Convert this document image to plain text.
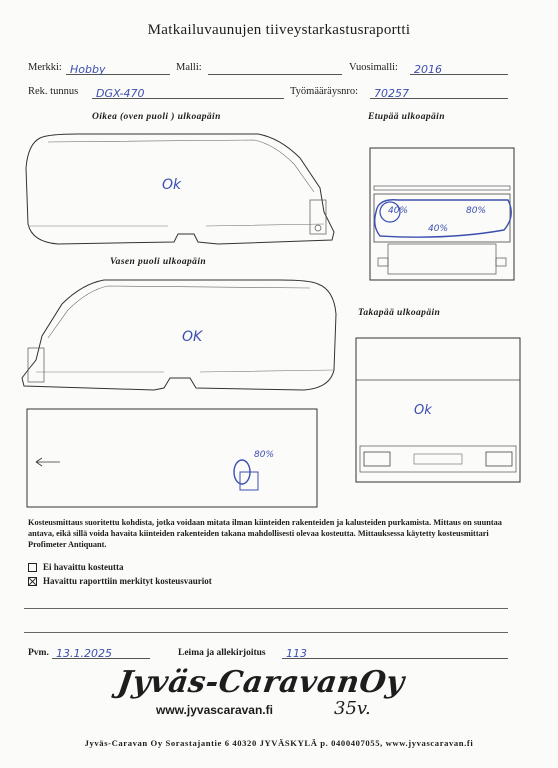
Matkailuvaunujen tiiveystarkastusraportti
Merkki: Hobby	Malli:	Vuosimalli:	2016
Rek. tunnus	DGX-470	Työmääräysnro:	70257
Oikea (oven puoli ) ulkoapäin	Etupää ulkoapäin
Vasen puoli ulkoapäin
Takapää ulkoapäin
Ok
40%	80%
40%
OK
Ok
80%
Kosteusmittaus suoritettu kohdista, jotka voidaan mitata ilman kiinteiden rakenteiden ja kalusteiden purkamista. Mittaus on suuntaa antava, eikä sillä voida havaita kiinteiden rakenteiden takana mahdollisesti olevaa kosteutta. Mittauksessa käytetty kosteusmittari Profimeter Antiquant.
Ei havaittu kosteutta
Havaittu raporttiin merkityt kosteusvauriot
Pvm. 13.1.2025	Leima ja allekirjoitus	113
Jyväs-CaravanOy
www.jyvascaravan.fi	35v.
Jyväs-Caravan Oy Sorastajantie 6 40320 JYVÄSKYLÄ p. 0400407055, www.jyvascaravan.fi
